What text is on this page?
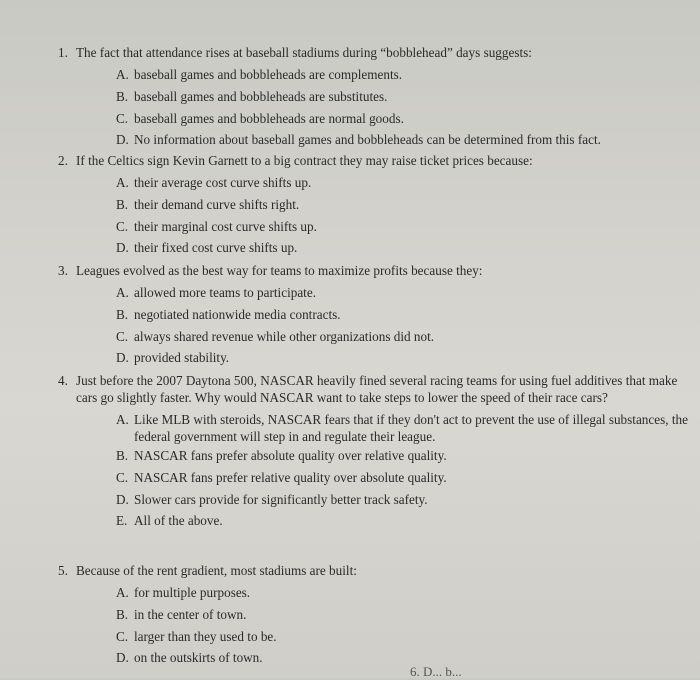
1. The fact that attendance rises at baseball stadiums during “bobblehead” days suggests:
A. baseball games and bobbleheads are complements.
B. baseball games and bobbleheads are substitutes.
C. baseball games and bobbleheads are normal goods.
D. No information about baseball games and bobbleheads can be determined from this fact.
2. If the Celtics sign Kevin Garnett to a big contract they may raise ticket prices because:
A. their average cost curve shifts up.
B. their demand curve shifts right.
C. their marginal cost curve shifts up.
D. their fixed cost curve shifts up.
3. Leagues evolved as the best way for teams to maximize profits because they:
A. allowed more teams to participate.
B. negotiated nationwide media contracts.
C. always shared revenue while other organizations did not.
D. provided stability.
4. Just before the 2007 Daytona 500, NASCAR heavily fined several racing teams for using fuel additives that make cars go slightly faster. Why would NASCAR want to take steps to lower the speed of their race cars?
A. Like MLB with steroids, NASCAR fears that if they don't act to prevent the use of illegal substances, the federal government will step in and regulate their league.
B. NASCAR fans prefer absolute quality over relative quality.
C. NASCAR fans prefer relative quality over absolute quality.
D. Slower cars provide for significantly better track safety.
E. All of the above.
5. Because of the rent gradient, most stadiums are built:
A. for multiple purposes.
B. in the center of town.
C. larger than they used to be.
D. on the outskirts of town.
6. D... b...
